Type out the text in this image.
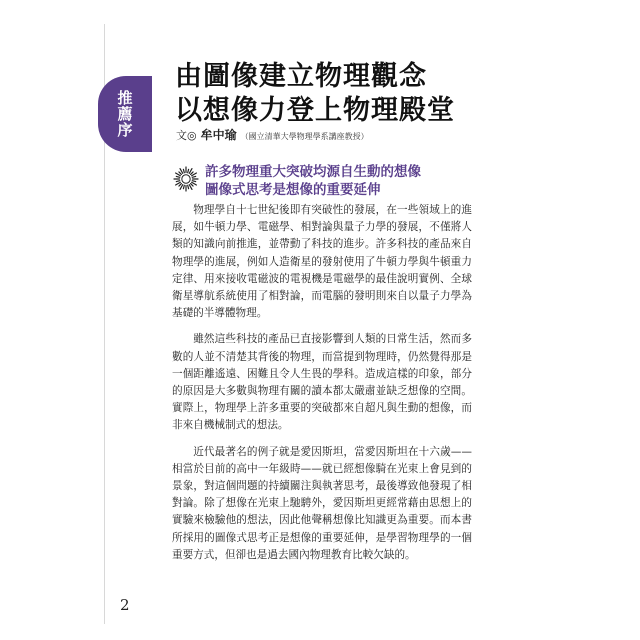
推薦序
由圖像建立物理觀念
以想像力登上物理殿堂
文◎ 牟中瑜 （國立清華大學物理學系講座教授）
許多物理重大突破均源自生動的想像
圖像式思考是想像的重要延伸

物理學自十七世紀後即有突破性的發展，在一些領域上的進展，如牛頓力學、電磁學、相對論與量子力學的發展，不僅將人類的知識向前推進，並帶動了科技的進步。許多科技的產品來自物理學的進展，例如人造衛星的發射使用了牛頓力學與牛頓重力定律、用來接收電磁波的電視機是電磁學的最佳說明實例、全球衛星導航系統使用了相對論，而電腦的發明則來自以量子力學為基礎的半導體物理。

雖然這些科技的產品已直接影響到人類的日常生活，然而多數的人並不清楚其背後的物理，而當提到物理時，仍然覺得那是一個距離遙遠、困難且令人生畏的學科。造成這樣的印象，部分的原因是大多數與物理有關的讀本都太嚴肅並缺乏想像的空間。實際上，物理學上許多重要的突破都來自超凡與生動的想像，而非來自機械制式的想法。

近代最著名的例子就是愛因斯坦，當愛因斯坦在十六歲——相當於目前的高中一年級時——就已經想像騎在光束上會見到的景象，對這個問題的持續關注與執著思考，最後導致他發現了相對論。除了想像在光束上馳騁外，愛因斯坦更經常藉由思想上的實驗來檢驗他的想法，因此他聲稱想像比知識更為重要。而本書所採用的圖像式思考正是想像的重要延伸，是學習物理學的一個重要方式，但卻也是過去國內物理教育比較欠缺的。

2
